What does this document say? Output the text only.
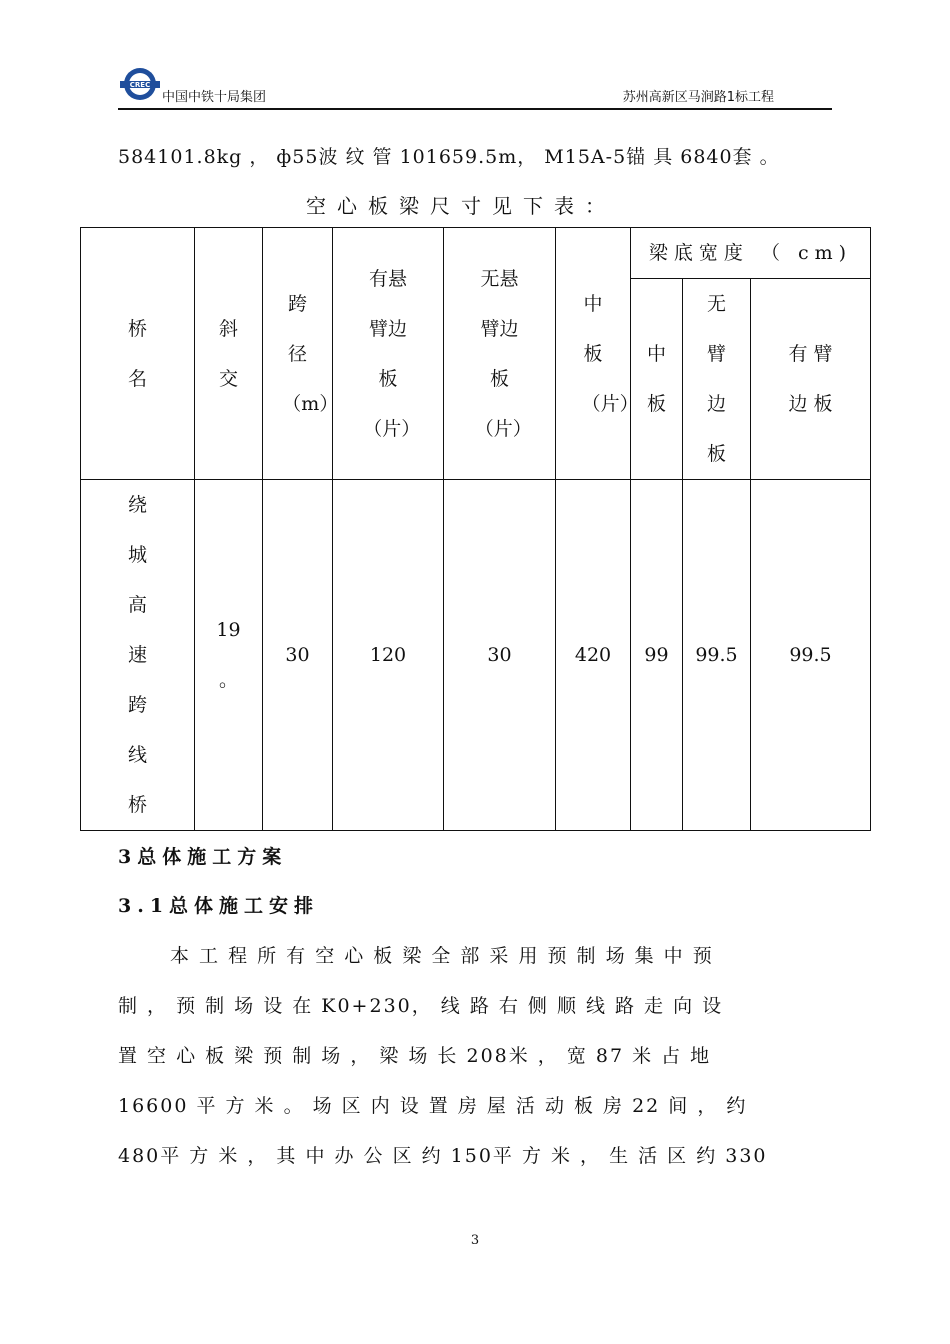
CREC
中国中铁十局集团	苏州高新区马涧路1标工程
584101.8kg ， ф55波 纹 管 101659.5m， M15A-5锚 具 6840套 。
空心板梁尺寸见下表：
桥名	斜交	跨径（m）	有悬臂边板（片）	无悬臂边板（片）	中板（片）	梁底宽度 （ cm)		
						中板	无臂边板	有 臂 边 板
绕城高速跨线桥	19 。	30	120	30	420	99	99.5	99.5
3总体施工方案
3.1总体施工安排
本 工 程 所 有 空 心 板 梁 全 部 采 用 预 制 场 集 中 预
制 ， 预 制 场 设 在 K0+230， 线 路 右 侧 顺 线 路 走 向 设
置 空 心 板 梁 预 制 场 ， 梁 场 长 208米 ， 宽 87 米 占 地
16600 平 方 米 。 场 区 内 设 置 房 屋 活 动 板 房 22 间 ， 约
480平 方 米 ， 其 中 办 公 区 约 150平 方 米 ， 生 活 区 约 330
3
